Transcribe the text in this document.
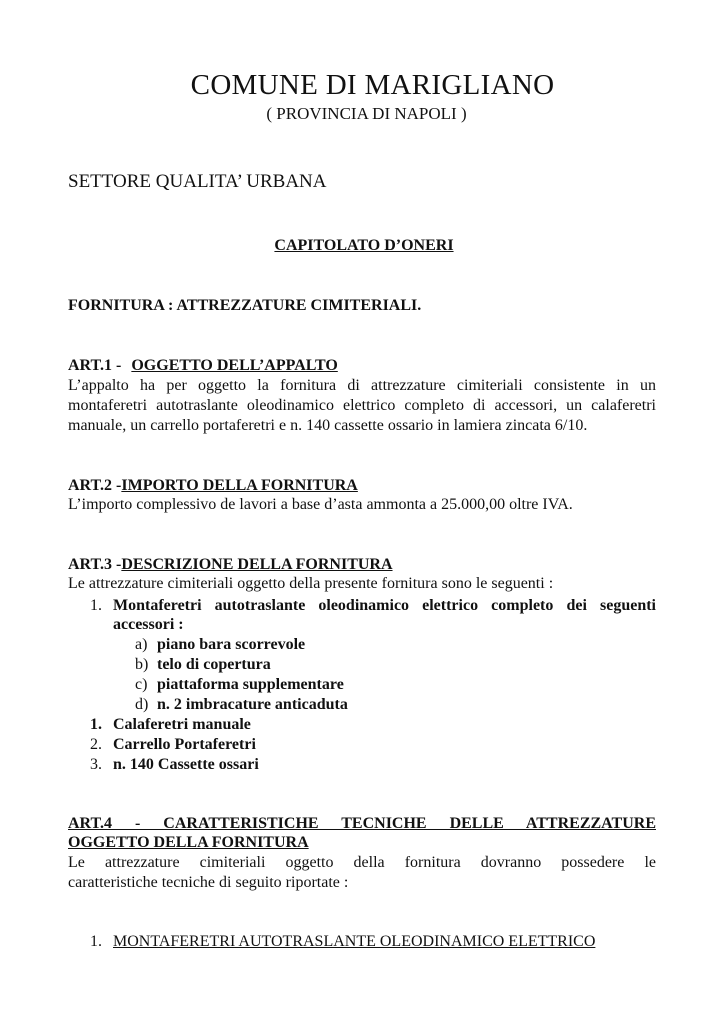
COMUNE DI MARIGLIANO
( PROVINCIA DI NAPOLI )
SETTORE QUALITA’ URBANA
CAPITOLATO D’ONERI
FORNITURA : ATTREZZATURE CIMITERIALI.
ART.1 - OGGETTO DELL’APPALTO
L’appalto ha per oggetto la fornitura di attrezzature cimiteriali consistente in un montaferetri autotraslante oleodinamico elettrico completo di accessori, un calaferetri manuale, un carrello portaferetri e n. 140 cassette ossario in lamiera zincata 6/10.
ART.2 -IMPORTO DELLA FORNITURA
L’importo complessivo de lavori a base d’asta ammonta a 25.000,00 oltre IVA.
ART.3 -DESCRIZIONE DELLA FORNITURA
Le attrezzature cimiteriali oggetto della presente fornitura sono le seguenti :
1. Montaferetri autotraslante oleodinamico elettrico completo dei seguenti
accessori :
a) piano bara scorrevole
b) telo di copertura
c) piattaforma supplementare
d) n. 2 imbracature anticaduta
1. Calaferetri manuale
2. Carrello Portaferetri
3. n. 140 Cassette ossari
ART.4 - CARATTERISTICHE TECNICHE DELLE ATTREZZATURE
OGGETTO DELLA FORNITURA
Le attrezzature cimiteriali oggetto della fornitura dovranno possedere le
caratteristiche tecniche di seguito riportate :
1. MONTAFERETRI AUTOTRASLANTE OLEODINAMICO ELETTRICO
